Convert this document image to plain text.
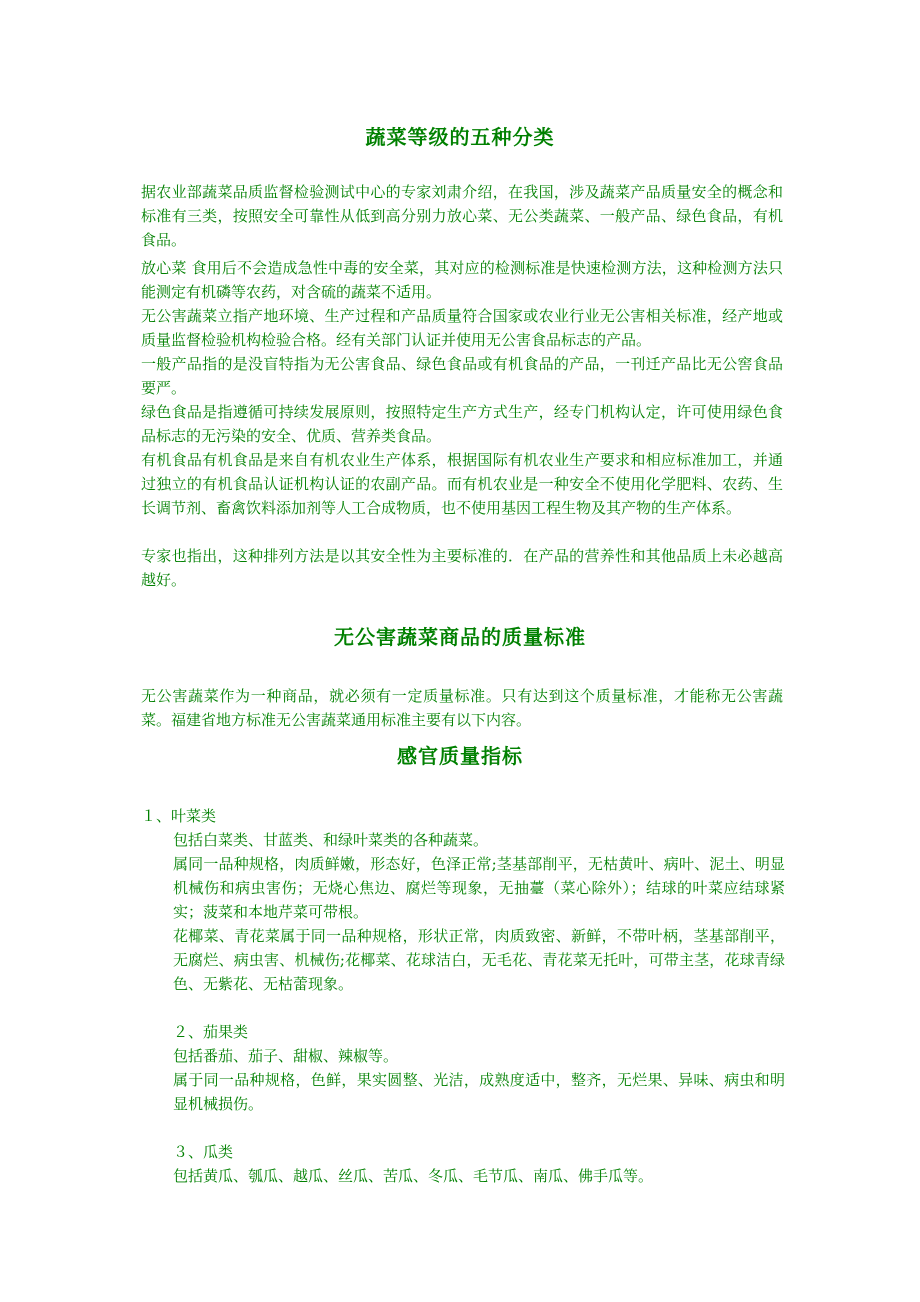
蔬菜等级的五种分类

据农业部蔬菜品质监督检验测试中心的专家刘肃介绍，在我国，涉及蔬菜产品质量安全的概念和标准有三类，按照安全可靠性从低到高分别力放心菜、无公类蔬菜、一般产品、绿色食品，有机食品。

放心菜 食用后不会造成急性中毒的安全菜，其对应的检测标准是快速检测方法，这种检测方法只能测定有机磷等农药，对含硫的蔬菜不适用。

无公害蔬菜立指产地环境、生产过程和产品质量符合国家或农业行业无公害相关标准，经产地或质量监督检验机构检验合格。经有关部门认证并使用无公害食品标志的产品。

一般产品指的是没盲特指为无公害食品、绿色食品或有机食品的产品，一刊迁产品比无公窖食品要严。

绿色食品是指遵循可持续发展原则，按照特定生产方式生产，经专门机构认定，许可使用绿色食品标志的无污染的安全、优质、营养类食品。

有机食品有机食品是来自有机农业生产体系，根据国际有机农业生产要求和相应标准加工，并通过独立的有机食品认证机构认证的农副产品。而有机农业是一种安全不使用化学肥料、农药、生长调节剂、畜禽饮料添加剂等人工合成物质，也不使用基因工程生物及其产物的生产体系。

专家也指出，这种排列方法是以其安全性为主要标准的．在产品的营养性和其他品质上未必越高越好。

无公害蔬菜商品的质量标准

无公害蔬菜作为一种商品，就必须有一定质量标准。只有达到这个质量标准，才能称无公害蔬菜。福建省地方标准无公害蔬菜通用标准主要有以下内容。

感官质量指标

１、叶菜类

包括白菜类、甘蓝类、和绿叶菜类的各种蔬菜。

属同一品种规格，肉质鲜嫩，形态好，色泽正常;茎基部削平，无枯黄叶、病叶、泥土、明显机械伤和病虫害伤；无烧心焦边、腐烂等现象，无抽薹（菜心除外）；结球的叶菜应结球紧实；菠菜和本地芹菜可带根。

花椰菜、青花菜属于同一品种规格，形状正常，肉质致密、新鲜，不带叶柄，茎基部削平，无腐烂、病虫害、机械伤;花椰菜、花球洁白，无毛花、青花菜无托叶，可带主茎，花球青绿色、无紫花、无枯蕾现象。

２、茄果类

包括番茄、茄子、甜椒、辣椒等。

属于同一品种规格，色鲜，果实圆整、光洁，成熟度适中，整齐，无烂果、异味、病虫和明显机械损伤。

３、瓜类

包括黄瓜、瓠瓜、越瓜、丝瓜、苦瓜、冬瓜、毛节瓜、南瓜、佛手瓜等。
